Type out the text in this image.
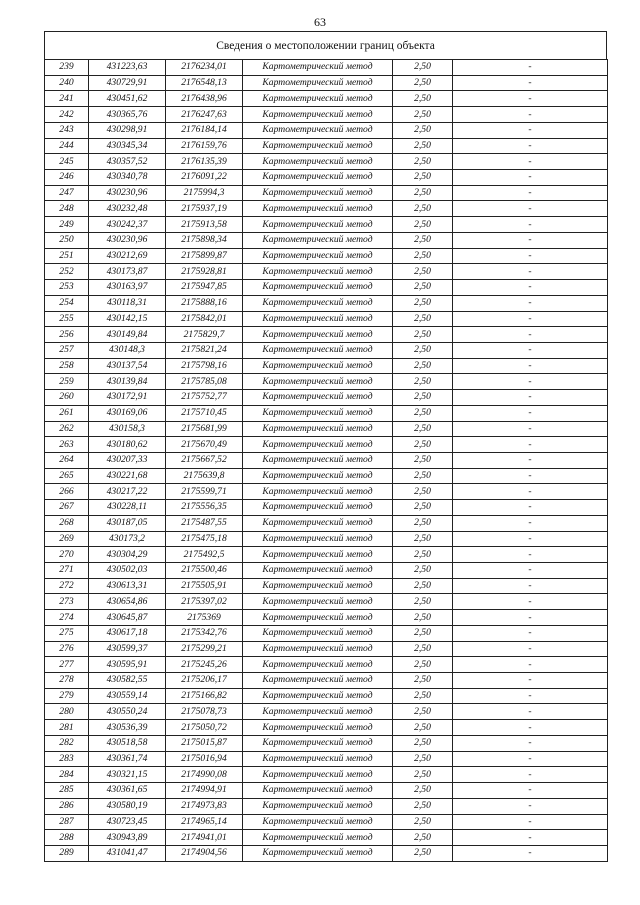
63
Сведения о местоположении границ объекта
239	431223,63	2176234,01	Картометрический метод	2,50	-
240	430729,91	2176548,13	Картометрический метод	2,50	-
241	430451,62	2176438,96	Картометрический метод	2,50	-
242	430365,76	2176247,63	Картометрический метод	2,50	-
243	430298,91	2176184,14	Картометрический метод	2,50	-
244	430345,34	2176159,76	Картометрический метод	2,50	-
245	430357,52	2176135,39	Картометрический метод	2,50	-
246	430340,78	2176091,22	Картометрический метод	2,50	-
247	430230,96	2175994,3	Картометрический метод	2,50	-
248	430232,48	2175937,19	Картометрический метод	2,50	-
249	430242,37	2175913,58	Картометрический метод	2,50	-
250	430230,96	2175898,34	Картометрический метод	2,50	-
251	430212,69	2175899,87	Картометрический метод	2,50	-
252	430173,87	2175928,81	Картометрический метод	2,50	-
253	430163,97	2175947,85	Картометрический метод	2,50	-
254	430118,31	2175888,16	Картометрический метод	2,50	-
255	430142,15	2175842,01	Картометрический метод	2,50	-
256	430149,84	2175829,7	Картометрический метод	2,50	-
257	430148,3	2175821,24	Картометрический метод	2,50	-
258	430137,54	2175798,16	Картометрический метод	2,50	-
259	430139,84	2175785,08	Картометрический метод	2,50	-
260	430172,91	2175752,77	Картометрический метод	2,50	-
261	430169,06	2175710,45	Картометрический метод	2,50	-
262	430158,3	2175681,99	Картометрический метод	2,50	-
263	430180,62	2175670,49	Картометрический метод	2,50	-
264	430207,33	2175667,52	Картометрический метод	2,50	-
265	430221,68	2175639,8	Картометрический метод	2,50	-
266	430217,22	2175599,71	Картометрический метод	2,50	-
267	430228,11	2175556,35	Картометрический метод	2,50	-
268	430187,05	2175487,55	Картометрический метод	2,50	-
269	430173,2	2175475,18	Картометрический метод	2,50	-
270	430304,29	2175492,5	Картометрический метод	2,50	-
271	430502,03	2175500,46	Картометрический метод	2,50	-
272	430613,31	2175505,91	Картометрический метод	2,50	-
273	430654,86	2175397,02	Картометрический метод	2,50	-
274	430645,87	2175369	Картометрический метод	2,50	-
275	430617,18	2175342,76	Картометрический метод	2,50	-
276	430599,37	2175299,21	Картометрический метод	2,50	-
277	430595,91	2175245,26	Картометрический метод	2,50	-
278	430582,55	2175206,17	Картометрический метод	2,50	-
279	430559,14	2175166,82	Картометрический метод	2,50	-
280	430550,24	2175078,73	Картометрический метод	2,50	-
281	430536,39	2175050,72	Картометрический метод	2,50	-
282	430518,58	2175015,87	Картометрический метод	2,50	-
283	430361,74	2175016,94	Картометрический метод	2,50	-
284	430321,15	2174990,08	Картометрический метод	2,50	-
285	430361,65	2174994,91	Картометрический метод	2,50	-
286	430580,19	2174973,83	Картометрический метод	2,50	-
287	430723,45	2174965,14	Картометрический метод	2,50	-
288	430943,89	2174941,01	Картометрический метод	2,50	-
289	431041,47	2174904,56	Картометрический метод	2,50	-
